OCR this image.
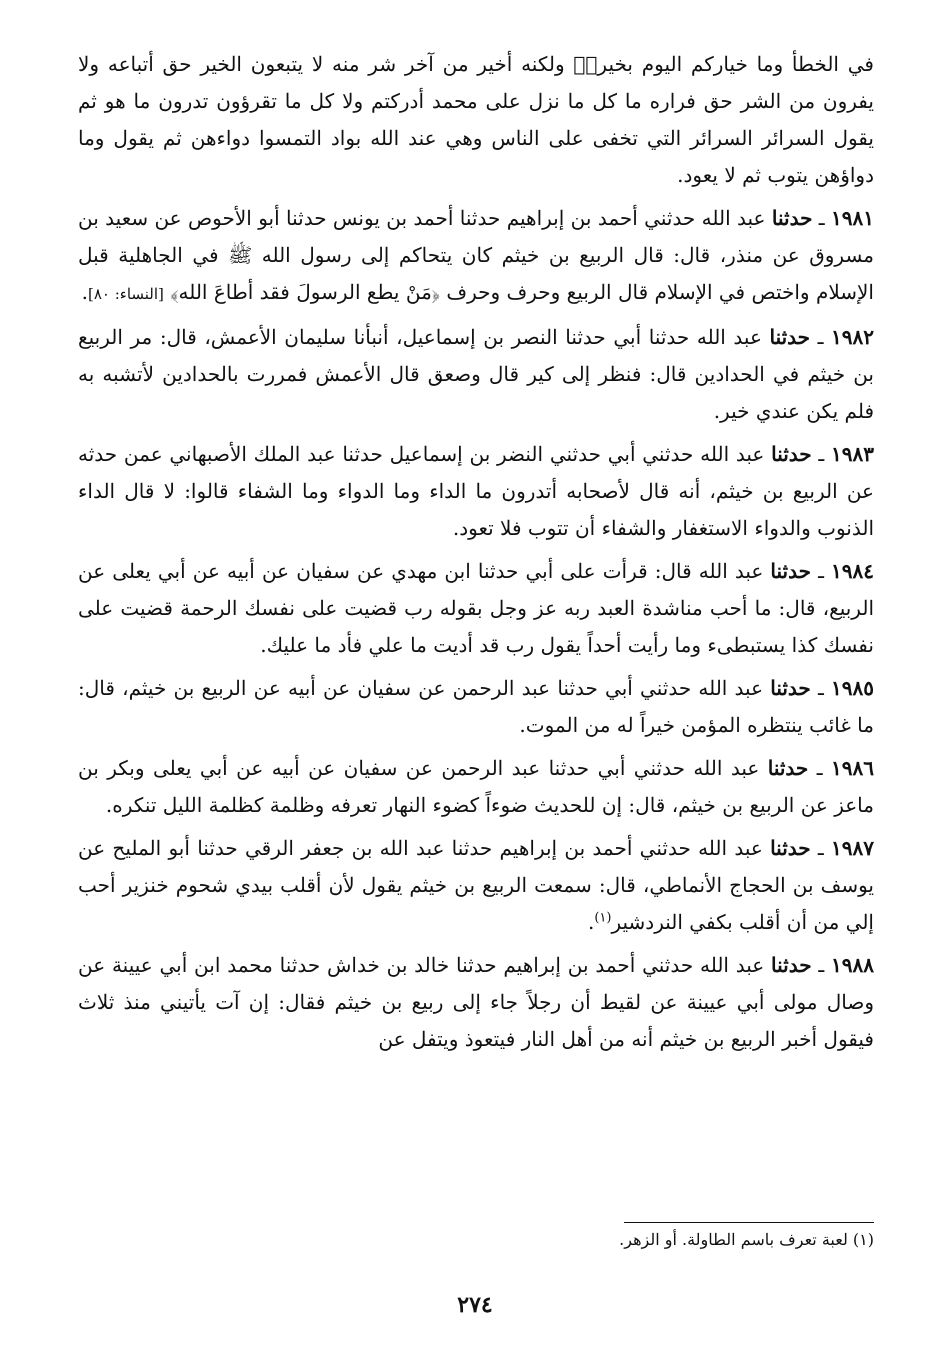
في الخطأ وما خياركم اليوم بخيرهٖ ولكنه أخير من آخر شر منه لا يتبعون الخير حق أتباعه ولا يفرون من الشر حق فراره ما كل ما نزل على محمد أدركتم ولا كل ما تقرؤون تدرون ما هو ثم يقول السرائر السرائر التي تخفى على الناس وهي عند الله بواد التمسوا دواءهن ثم يقول وما دواؤهن يتوب ثم لا يعود.

١٩٨١ ـ حدثنا عبد الله حدثني أحمد بن إبراهيم حدثنا أحمد بن يونس حدثنا أبو الأحوص عن سعيد بن مسروق عن منذر، قال: قال الربيع بن خيثم كان يتحاكم إلى رسول الله ﷺ في الجاهلية قبل الإسلام واختص في الإسلام قال الربيع وحرف وحرف ﴿مَنْ يطع الرسولَ فقد أطاعَ الله﴾ [النساء: ٨٠].

١٩٨٢ ـ حدثنا عبد الله حدثنا أبي حدثنا النصر بن إسماعيل، أنبأنا سليمان الأعمش، قال: مر الربيع بن خيثم في الحدادين قال: فنظر إلى كير قال وصعق قال الأعمش فمررت بالحدادين لأتشبه به فلم يكن عندي خير.

١٩٨٣ ـ حدثنا عبد الله حدثني أبي حدثني النضر بن إسماعيل حدثنا عبد الملك الأصبهاني عمن حدثه عن الربيع بن خيثم، أنه قال لأصحابه أتدرون ما الداء وما الدواء وما الشفاء قالوا: لا قال الداء الذنوب والدواء الاستغفار والشفاء أن تتوب فلا تعود.

١٩٨٤ ـ حدثنا عبد الله قال: قرأت على أبي حدثنا ابن مهدي عن سفيان عن أبيه عن أبي يعلى عن الربيع، قال: ما أحب مناشدة العبد ربه عز وجل بقوله رب قضيت على نفسك الرحمة قضيت على نفسك كذا يستبطىء وما رأيت أحداً يقول رب قد أديت ما علي فأد ما عليك.

١٩٨٥ ـ حدثنا عبد الله حدثني أبي حدثنا عبد الرحمن عن سفيان عن أبيه عن الربيع بن خيثم، قال: ما غائب ينتظره المؤمن خيراً له من الموت.

١٩٨٦ ـ حدثنا عبد الله حدثني أبي حدثنا عبد الرحمن عن سفيان عن أبيه عن أبي يعلى وبكر بن ماعز عن الربيع بن خيثم، قال: إن للحديث ضوءاً كضوء النهار تعرفه وظلمة كظلمة الليل تنكره.

١٩٨٧ ـ حدثنا عبد الله حدثني أحمد بن إبراهيم حدثنا عبد الله بن جعفر الرقي حدثنا أبو المليح عن يوسف بن الحجاج الأنماطي، قال: سمعت الربيع بن خيثم يقول لأن أقلب بيدي شحوم خنزير أحب إلي من أن أقلب بكفي النردشير$^{(١)}$.

١٩٨٨ ـ حدثنا عبد الله حدثني أحمد بن إبراهيم حدثنا خالد بن خداش حدثنا محمد ابن أبي عيينة عن وصال مولى أبي عيينة عن لقيط أن رجلاً جاء إلى ربيع بن خيثم فقال: إن آت يأتيني منذ ثلاث فيقول أخبر الربيع بن خيثم أنه من أهل النار فيتعوذ ويتفل عن

(١) لعبة تعرف باسم الطاولة. أو الزهر.
٢٧٤
